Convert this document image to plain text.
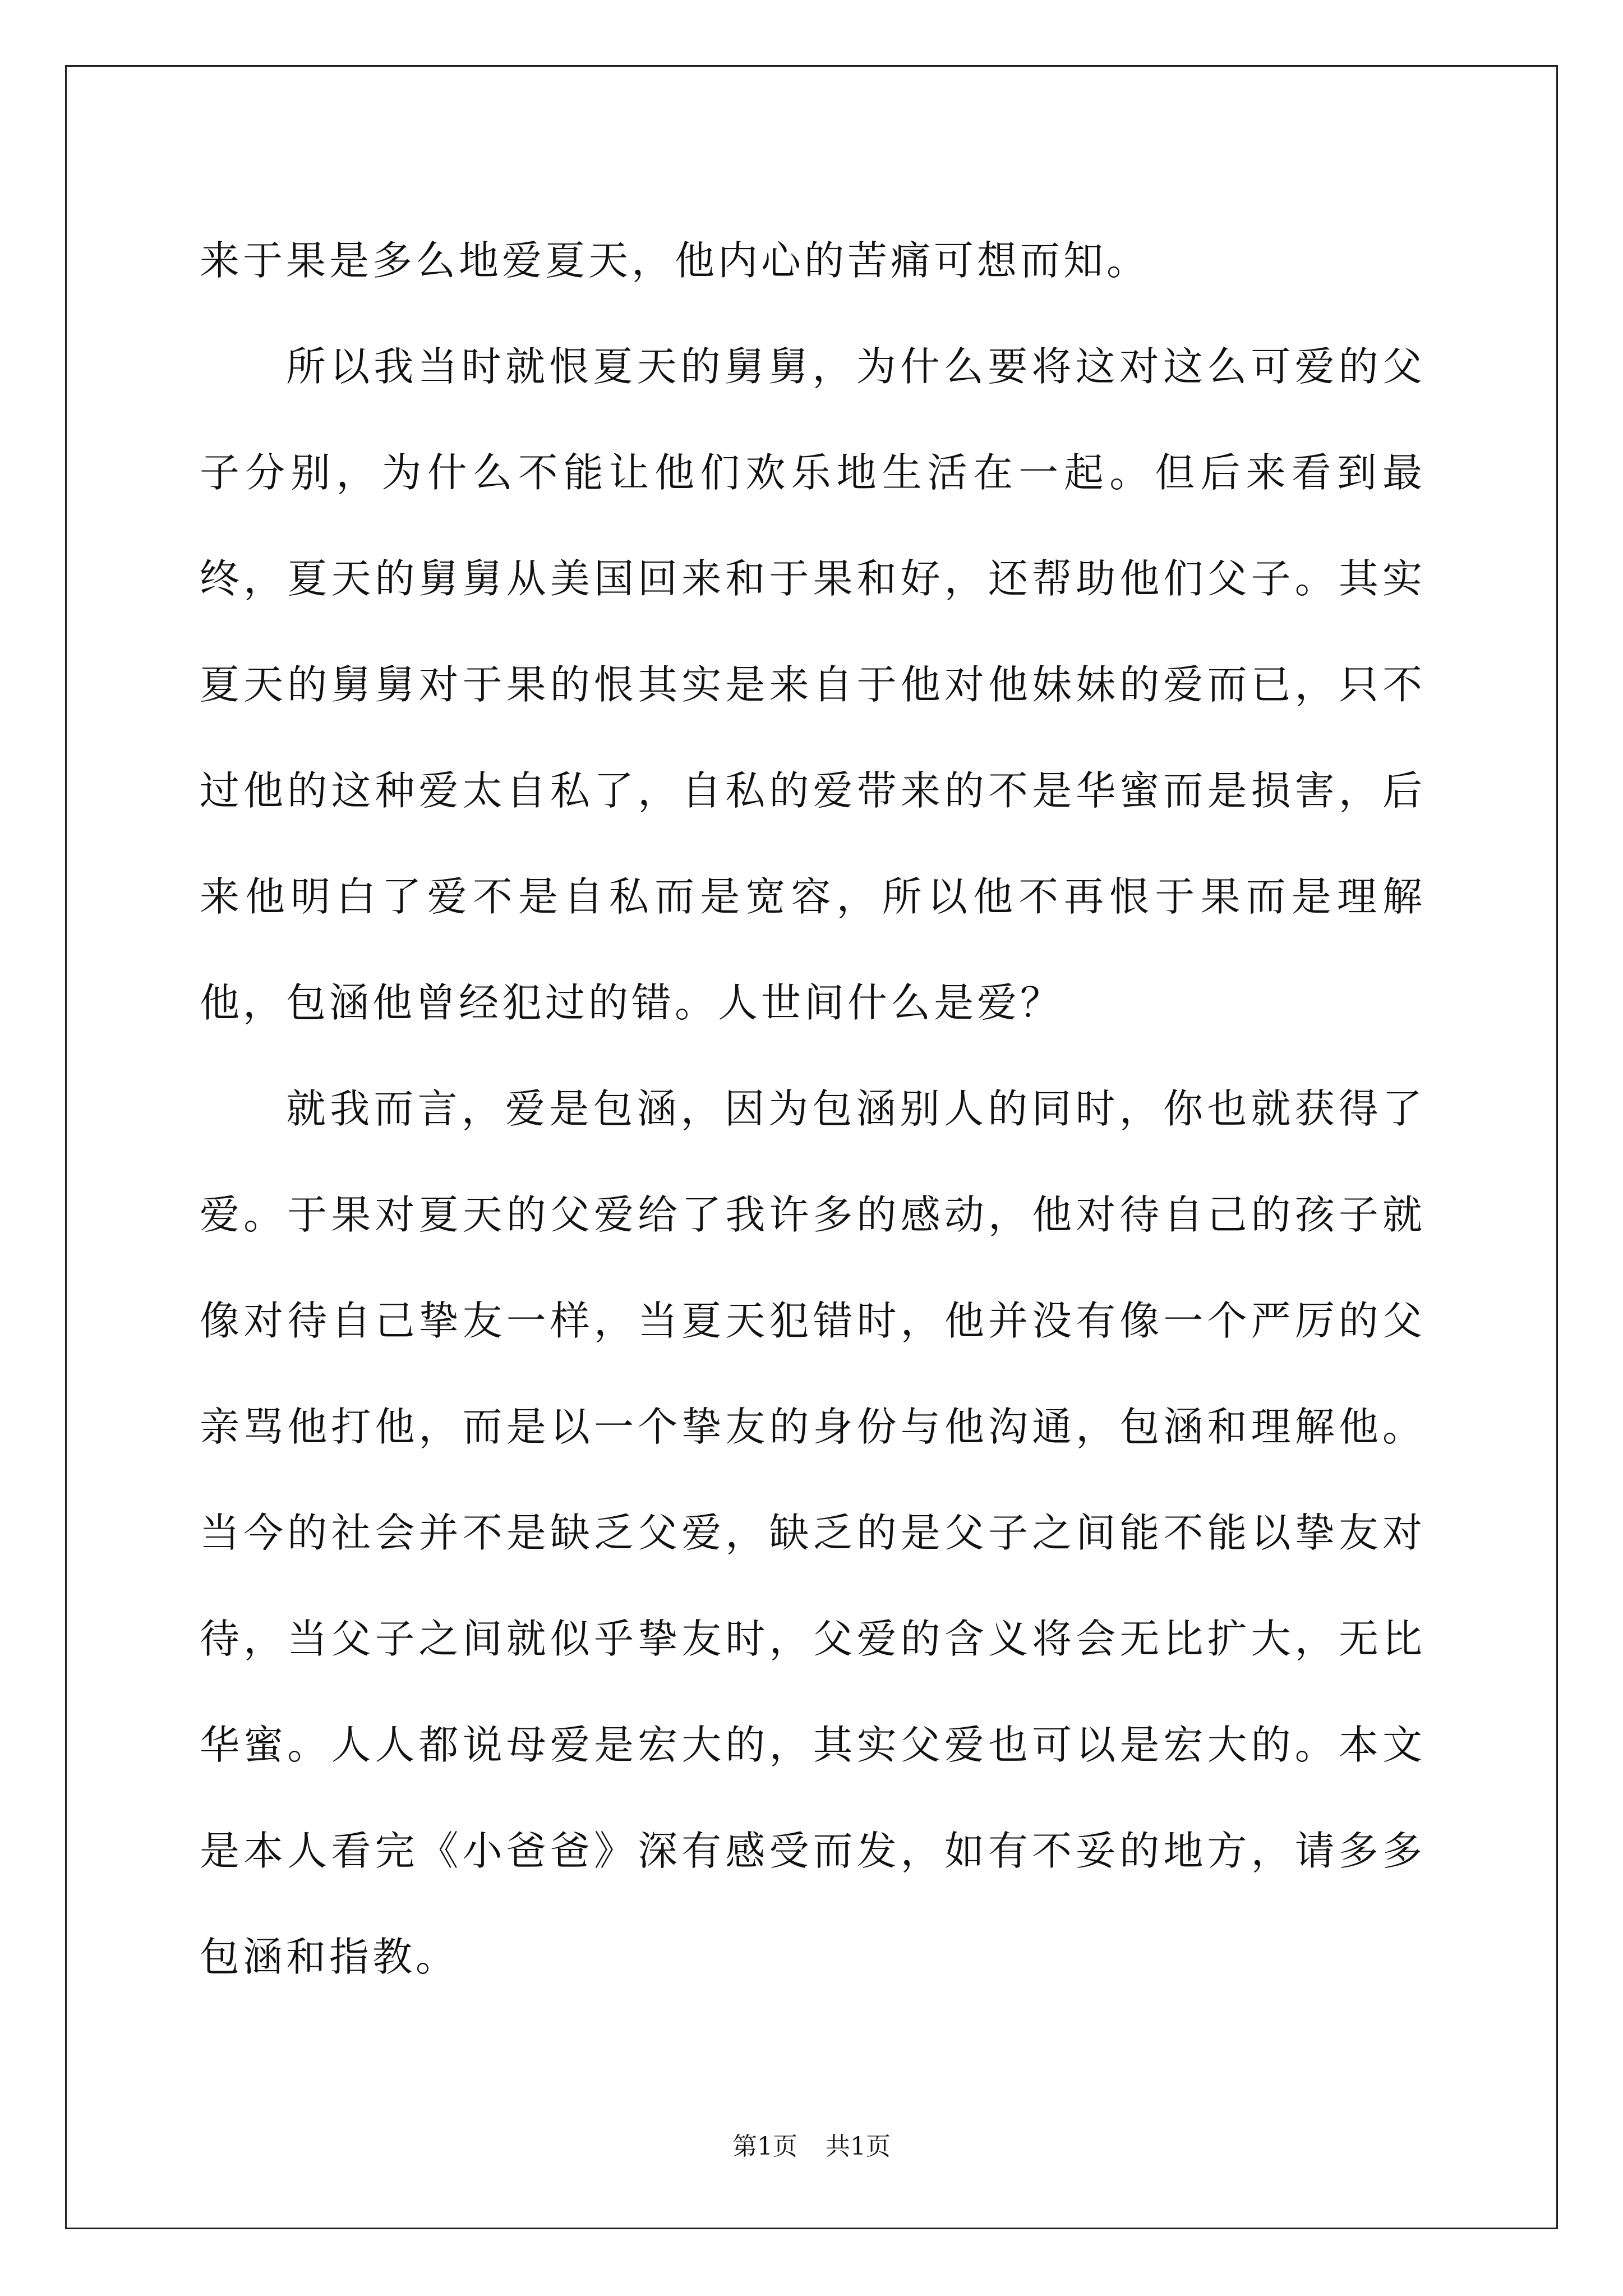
来于果是多么地爱夏天，他内心的苦痛可想而知。

所以我当时就恨夏天的舅舅，为什么要将这对这么可爱的父子分别，为什么不能让他们欢乐地生活在一起。但后来看到最终，夏天的舅舅从美国回来和于果和好，还帮助他们父子。其实夏天的舅舅对于果的恨其实是来自于他对他妹妹的爱而已，只不过他的这种爱太自私了，自私的爱带来的不是华蜜而是损害，后来他明白了爱不是自私而是宽容，所以他不再恨于果而是理解他，包涵他曾经犯过的错。人世间什么是爱？

就我而言，爱是包涵，因为包涵别人的同时，你也就获得了爱。于果对夏天的父爱给了我许多的感动，他对待自己的孩子就像对待自己挚友一样，当夏天犯错时，他并没有像一个严厉的父亲骂他打他，而是以一个挚友的身份与他沟通，包涵和理解他。当今的社会并不是缺乏父爱，缺乏的是父子之间能不能以挚友对待，当父子之间就似乎挚友时，父爱的含义将会无比扩大，无比华蜜。人人都说母爱是宏大的，其实父爱也可以是宏大的。本文是本人看完《小爸爸》深有感受而发，如有不妥的地方，请多多包涵和指教。

第1页 共1页
